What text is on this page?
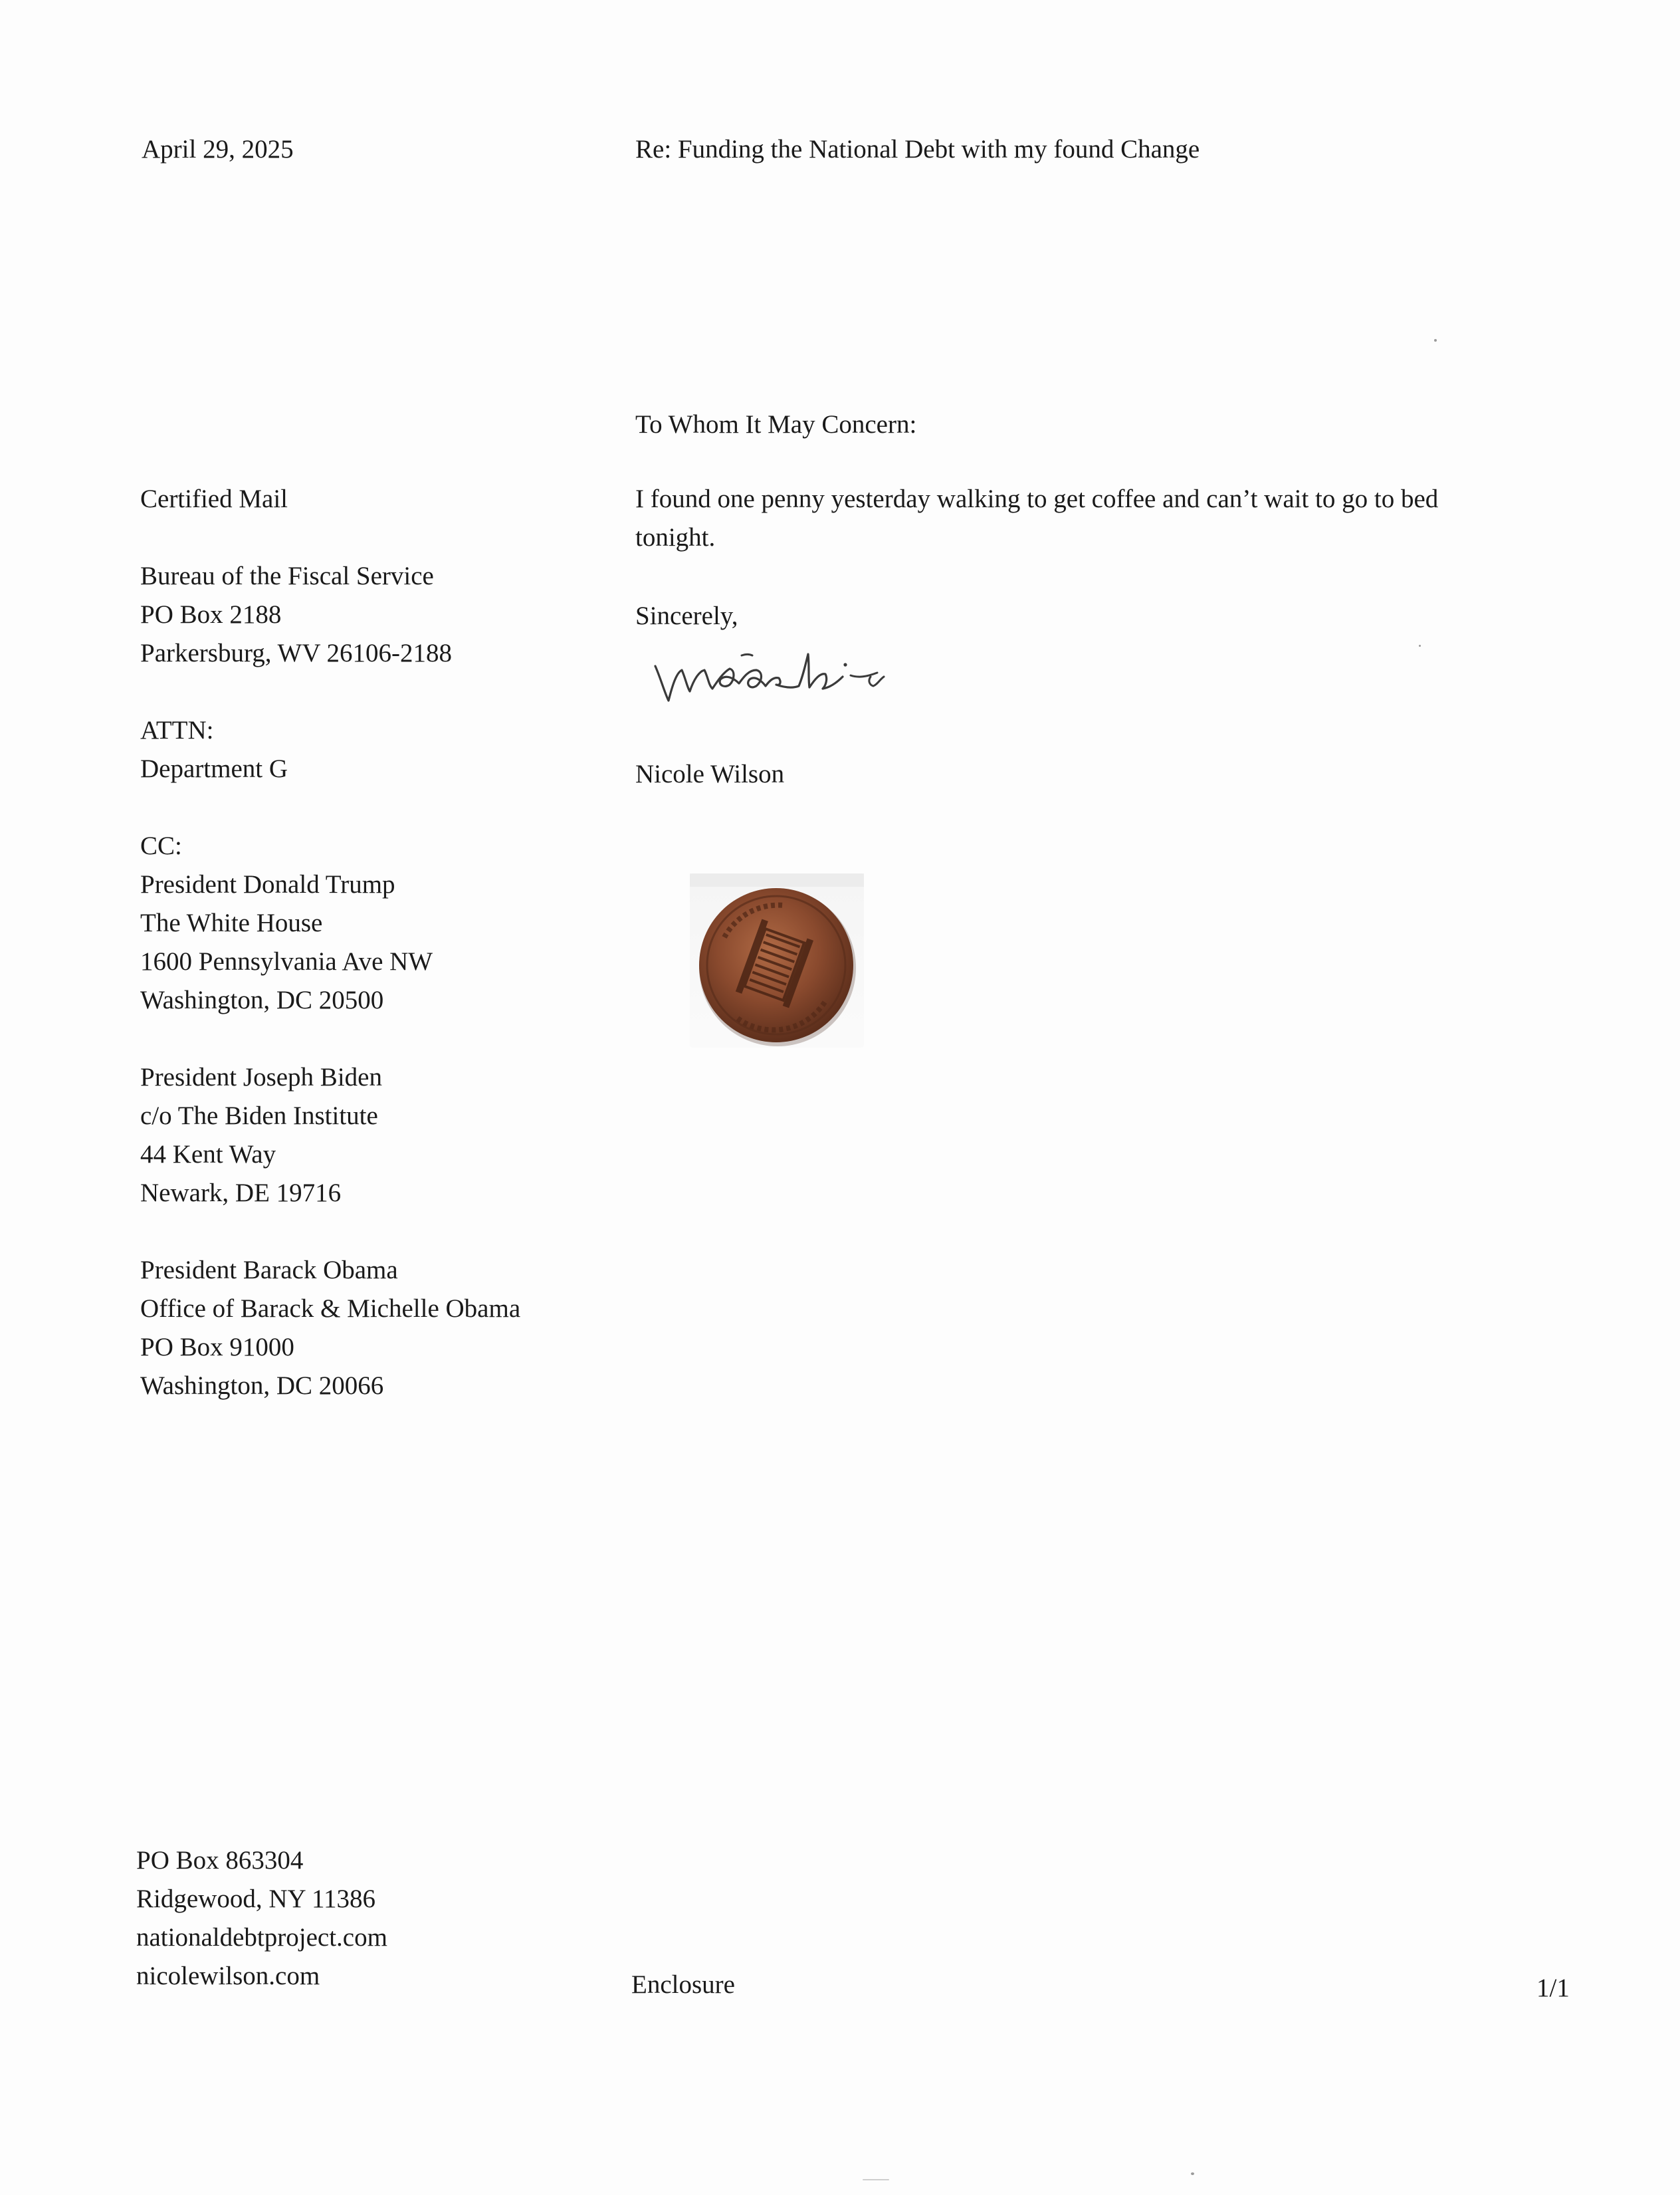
April 29, 2025	Re: Funding the National Debt with my found Change
To Whom It May Concern:
Certified Mail
Bureau of the Fiscal Service
PO Box 2188
Parkersburg, WV 26106-2188
ATTN:
Department G
CC:
President Donald Trump
The White House
1600 Pennsylvania Ave NW
Washington, DC 20500
President Joseph Biden
c/o The Biden Institute
44 Kent Way
Newark, DE 19716
President Barack Obama
Office of Barack & Michelle Obama
PO Box 91000
Washington, DC 20066
I found one penny yesterday walking to get coffee and can’t wait to go to bed tonight.
Sincerely,
Nicole Wilson
PO Box 863304
Ridgewood, NY 11386
nationaldebtproject.com
nicolewilson.com	Enclosure	1/1
